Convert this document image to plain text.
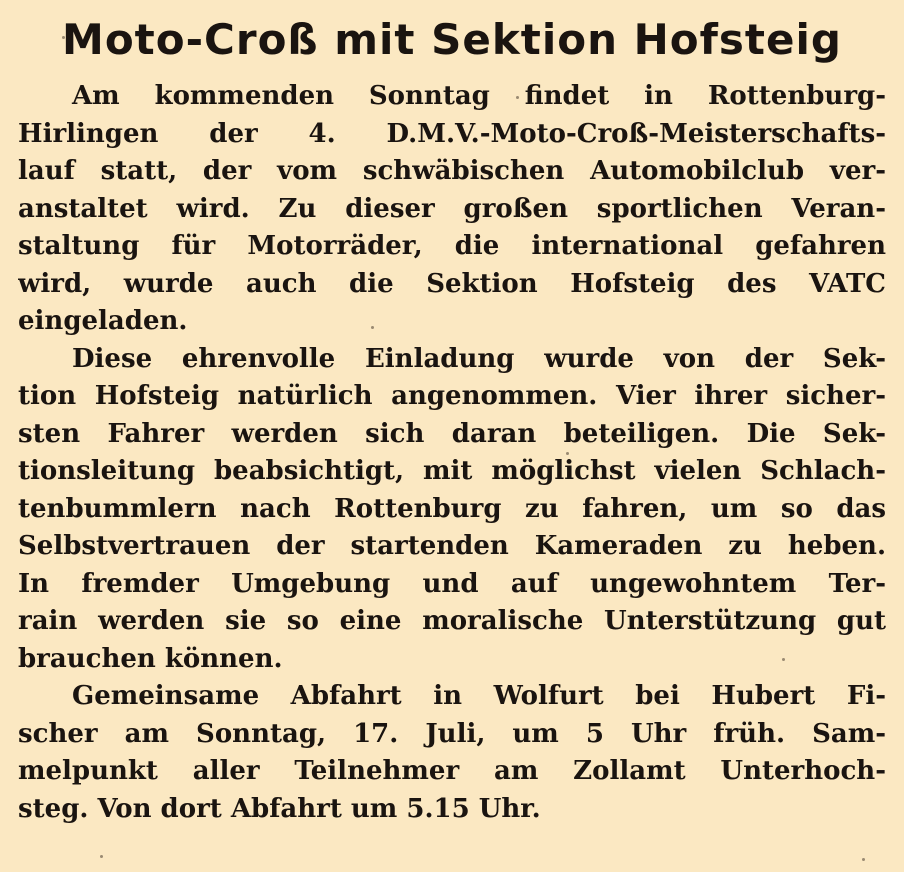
Moto-Croß mit Sektion Hofsteig
Am kommenden Sonntag findet in Rottenburg-
Hirlingen der 4. D.M.V.-Moto-Croß-Meisterschafts-
lauf statt, der vom schwäbischen Automobilclub ver-
anstaltet wird. Zu dieser großen sportlichen Veran-
staltung für Motorräder, die international gefahren
wird, wurde auch die Sektion Hofsteig des VATC
eingeladen.
Diese ehrenvolle Einladung wurde von der Sek-
tion Hofsteig natürlich angenommen. Vier ihrer sicher-
sten Fahrer werden sich daran beteiligen. Die Sek-
tionsleitung beabsichtigt, mit möglichst vielen Schlach-
tenbummlern nach Rottenburg zu fahren, um so das
Selbstvertrauen der startenden Kameraden zu heben.
In fremder Umgebung und auf ungewohntem Ter-
rain werden sie so eine moralische Unterstützung gut
brauchen können.
Gemeinsame Abfahrt in Wolfurt bei Hubert Fi-
scher am Sonntag, 17. Juli, um 5 Uhr früh. Sam-
melpunkt aller Teilnehmer am Zollamt Unterhoch-
steg. Von dort Abfahrt um 5.15 Uhr.
